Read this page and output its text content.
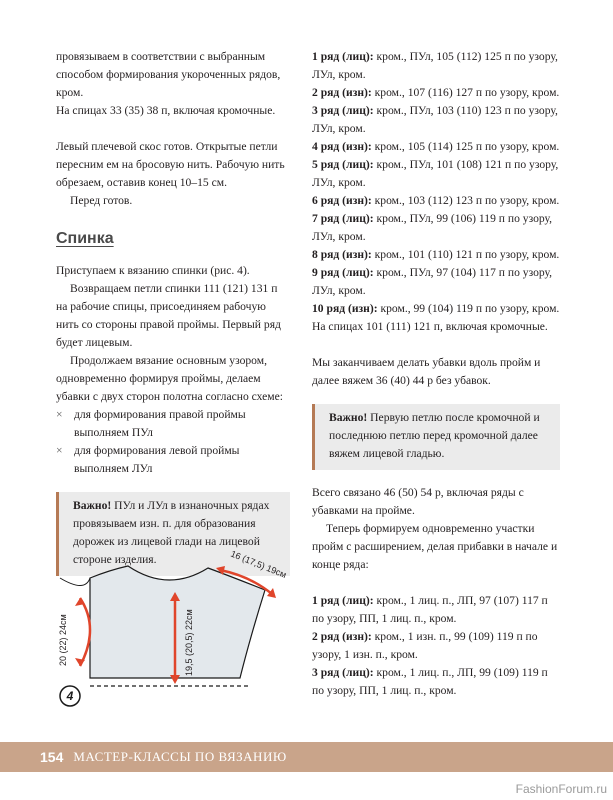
провязываем в соответствии с выбранным способом формирования укороченных рядов, кром.

На спицах 33 (35) 38 п, включая кромочные.

Левый плечевой скос готов. Открытые петли пересним ем на бросовую нить. Рабочую нить обрезаем, оставив конец 10–15 см.

Перед готов.

Спинка

Приступаем к вязанию спинки (рис. 4).

Возвращаем петли спинки 111 (121) 131 п на рабочие спицы, присоединяем рабочую нить со стороны правой проймы. Первый ряд будет лицевым.

Продолжаем вязание основным узором, одновременно формируя проймы, делаем убавки с двух сторон полотна согласно схеме:

× для формирования правой проймы выполняем ПУл
× для формирования левой проймы выполняем ЛУл
Важно! ПУл и ЛУл в изнаночных рядах провязываем изн. п. для образования дорожек из лицевой глади на лицевой стороне изделия.

1 ряд (лиц): кром., ПУл, 105 (112) 125 п по узору, ЛУл, кром.

2 ряд (изн): кром., 107 (116) 127 п по узору, кром.

3 ряд (лиц): кром., ПУл, 103 (110) 123 п по узору, ЛУл, кром.

4 ряд (изн): кром., 105 (114) 125 п по узору, кром.

5 ряд (лиц): кром., ПУл, 101 (108) 121 п по узору, ЛУл, кром.

6 ряд (изн): кром., 103 (112) 123 п по узору, кром.

7 ряд (лиц): кром., ПУл, 99 (106) 119 п по узору, ЛУл, кром.

8 ряд (изн): кром., 101 (110) 121 п по узору, кром.

9 ряд (лиц): кром., ПУл, 97 (104) 117 п по узору, ЛУл, кром.

10 ряд (изн): кром., 99 (104) 119 п по узору, кром.

На спицах 101 (111) 121 п, включая кромочные.

Мы заканчиваем делать убавки вдоль пройм и далее вяжем 36 (40) 44 р без убавок.

Важно! Первую петлю после кромочной и последнюю петлю перед кромочной далее вяжем лицевой гладью.

Всего связано 46 (50) 54 р, включая ряды с убавками на пройме.

Теперь формируем одновременно участки пройм с расширением, делая прибавки в начале и конце ряда:

1 ряд (лиц): кром., 1 лиц. п., ЛП, 97 (107) 117 п по узору, ПП, 1 лиц. п., кром.

2 ряд (изн): кром., 1 изн. п., 99 (109) 119 п по узору, 1 изн. п., кром.

3 ряд (лиц): кром., 1 лиц. п., ЛП, 99 (109) 119 п по узору, ПП, 1 лиц. п., кром.

20 (22) 24см	19,5 (20,5) 22см
16 (17,5) 19см
4
154 МАСТЕР-КЛАССЫ ПО ВЯЗАНИЮ
FashionForum.ru
